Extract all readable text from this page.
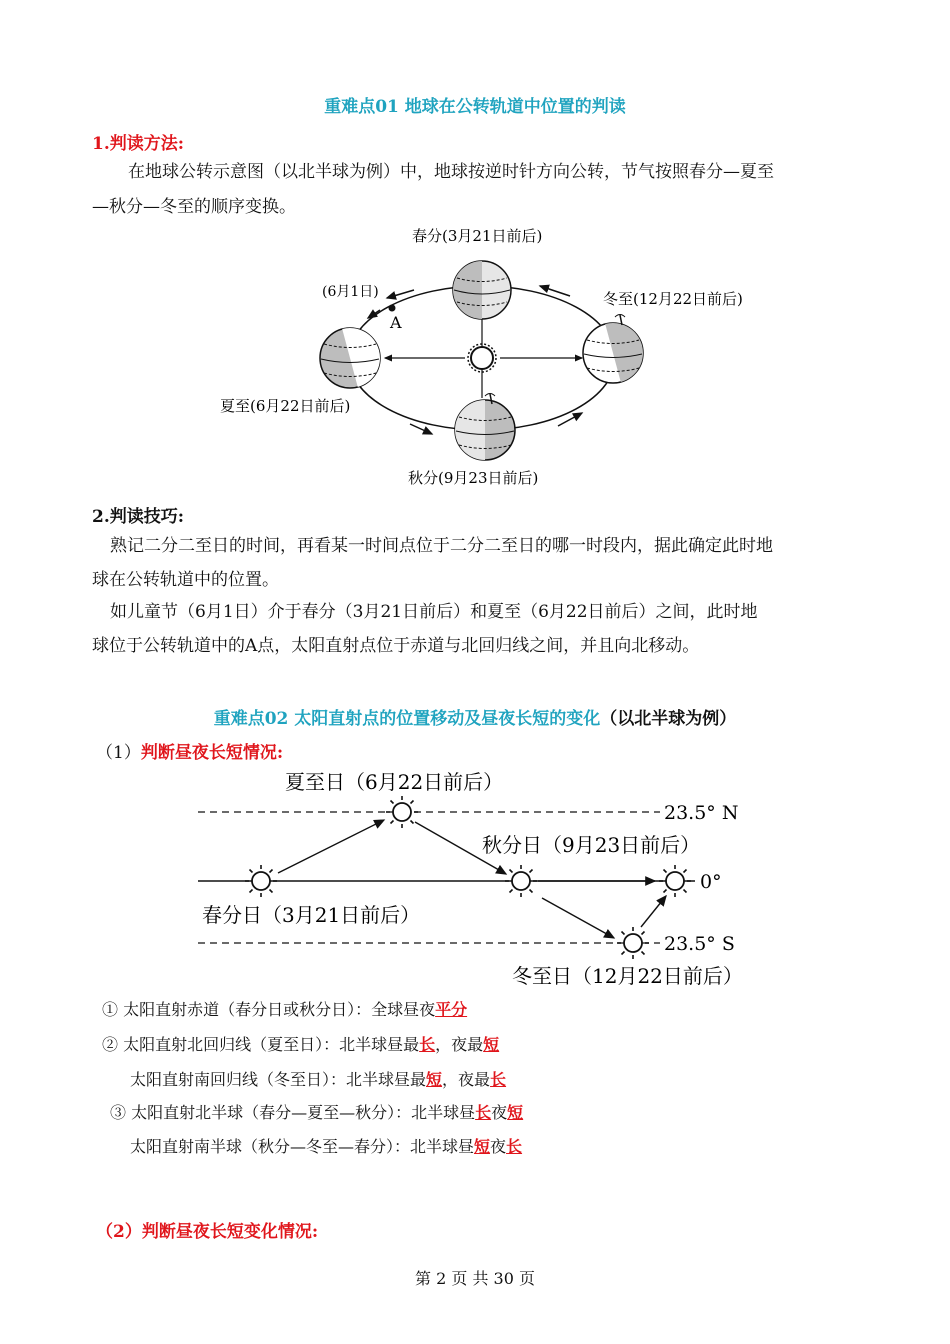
重难点01 地球在公转轨道中位置的判读
1.判读方法:
在地球公转示意图（以北半球为例）中，地球按逆时针方向公转，节气按照春分—夏至
—秋分—冬至的顺序变换。
春分(3月21日前后)
冬至(12月22日前后)
(6月1日)
A
夏至(6月22日前后)
秋分(9月23日前后)
2.判读技巧:
熟记二分二至日的时间，再看某一时间点位于二分二至日的哪一时段内，据此确定此时地
球在公转轨道中的位置。
如儿童节（6月1日）介于春分（3月21日前后）和夏至（6月22日前后）之间，此时地
球位于公转轨道中的A点，太阳直射点位于赤道与北回归线之间，并且向北移动。
重难点02 太阳直射点的位置移动及昼夜长短的变化（以北半球为例）
（1）判断昼夜长短情况:
夏至日（6月22日前后）
秋分日（9月23日前后）
春分日（3月21日前后）
冬至日（12月22日前后）
23.5° N
0°
23.5° S
① 太阳直射赤道（春分日或秋分日）：全球昼夜平分
② 太阳直射北回归线（夏至日）：北半球昼最长，夜最短
太阳直射南回归线（冬至日）：北半球昼最短，夜最长
③ 太阳直射北半球（春分—夏至—秋分）：北半球昼长夜短
太阳直射南半球（秋分—冬至—春分）：北半球昼短夜长
（2）判断昼夜长短变化情况:
第 2 页 共 30 页
